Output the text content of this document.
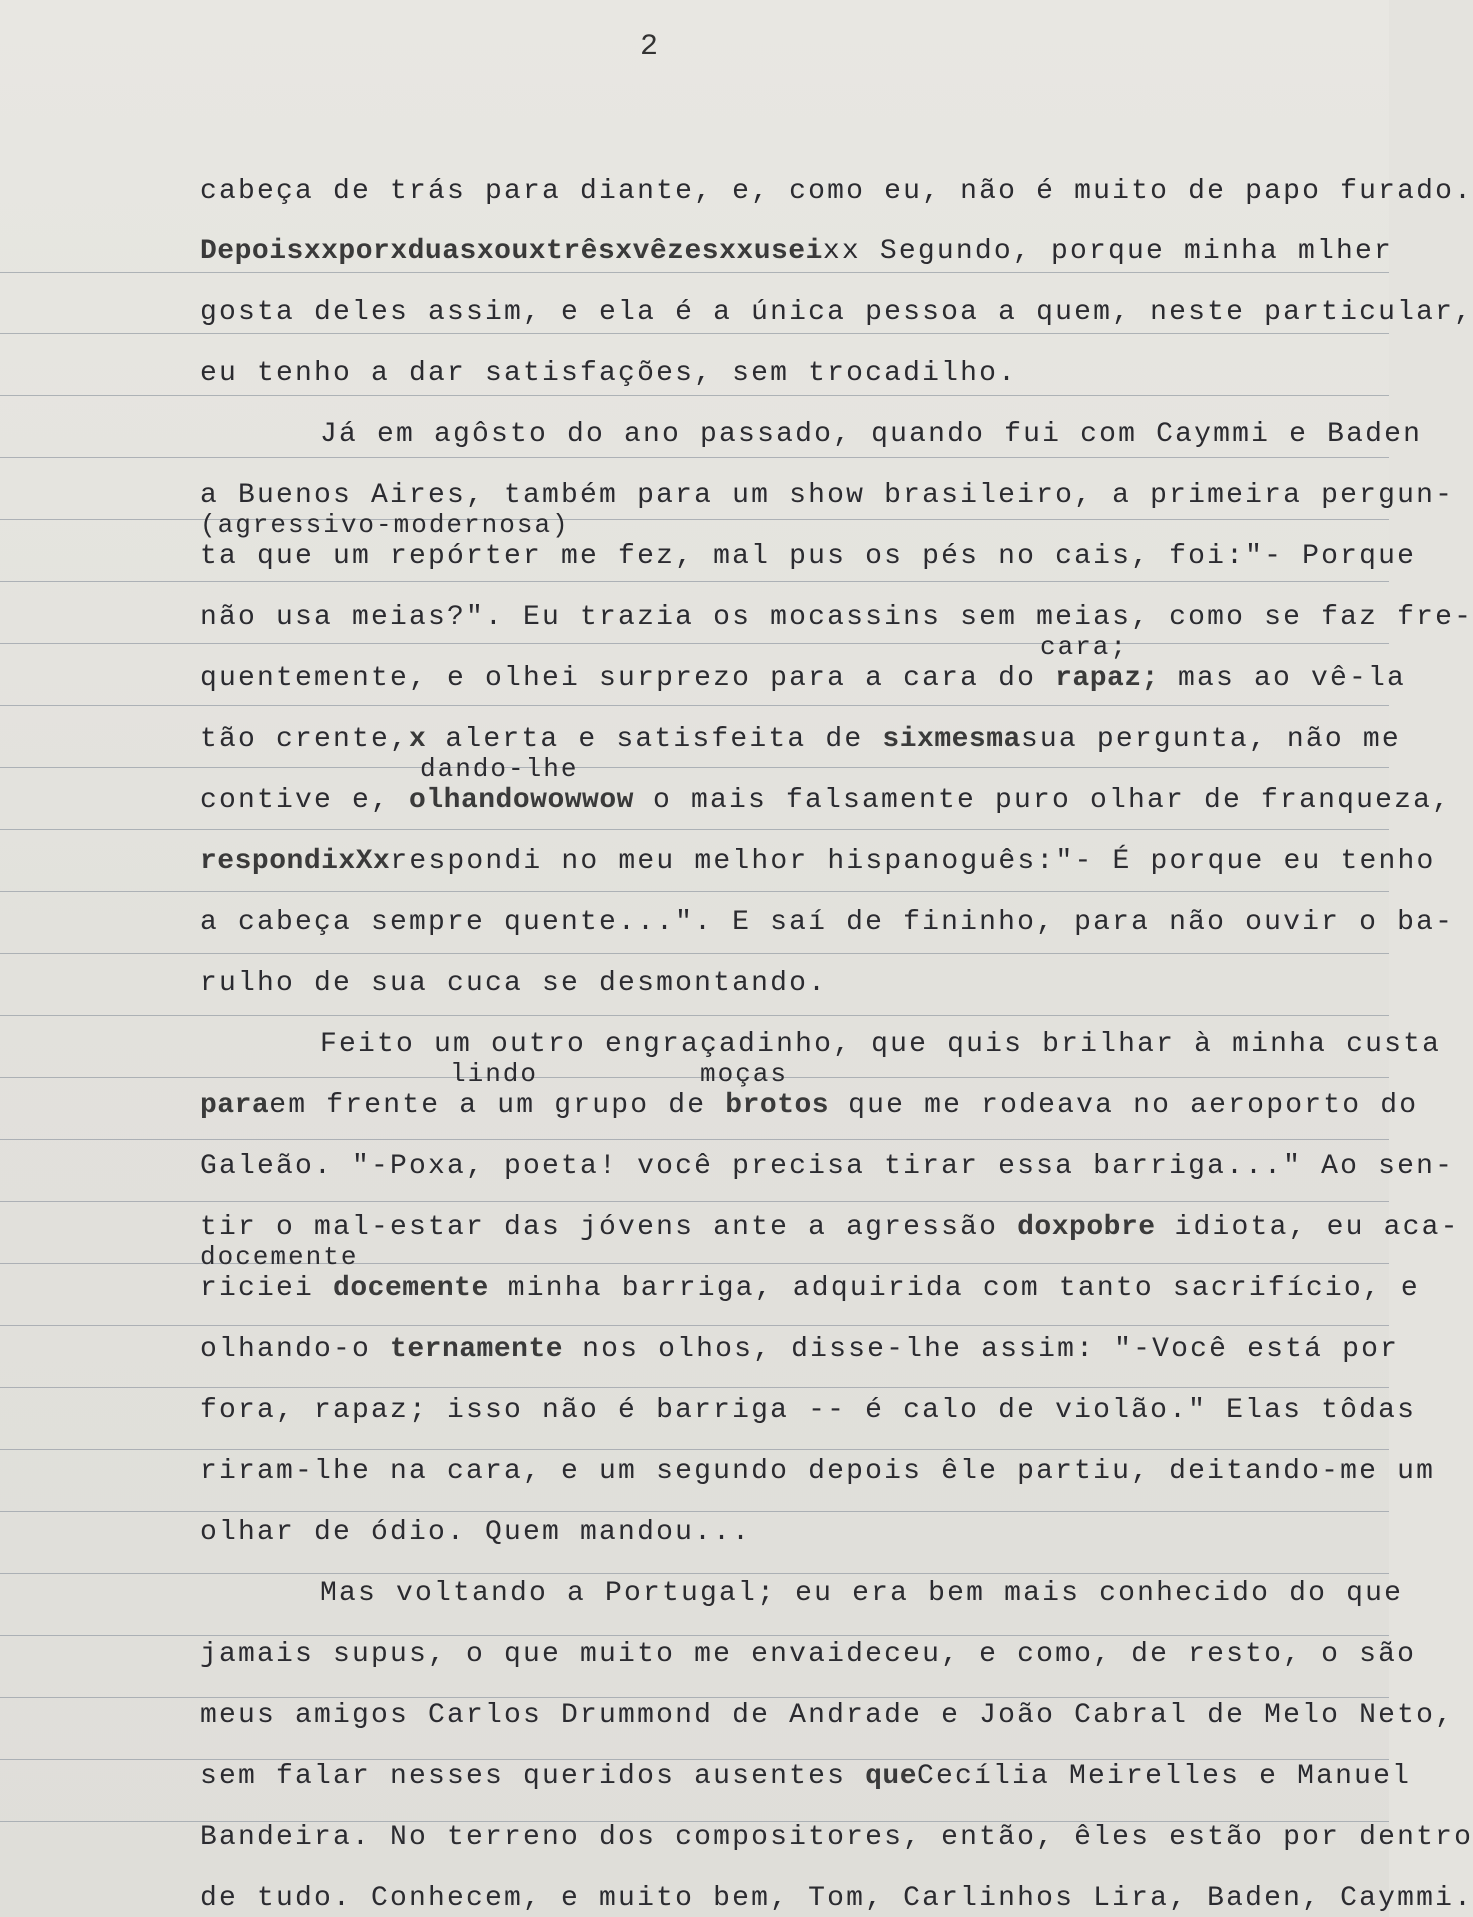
2
cabeça de trás para diante, e, como eu, não é muito de papo furado.
Depoisxxporxduasxouxtrêsxvêzesxxuseixx Segundo, porque minha mlher
gosta deles assim, e ela é a única pessoa a quem, neste particular,
eu tenho a dar satisfações, sem trocadilho.
Já em agôsto do ano passado, quando fui com Caymmi e Baden
a Buenos Aires, também para um show brasileiro, a primeira pergun-
(agressivo-modernosa)
ta que um repórter me fez, mal pus os pés no cais, foi:"- Porque
não usa meias?". Eu trazia os mocassins sem meias, como se faz fre-
cara;
quentemente, e olhei surprezo para a cara do rapaz; mas ao vê-la
tão crente,x alerta e satisfeita de sixmesmasua pergunta, não me
dando-lhe
contive e, olhandowowwow o mais falsamente puro olhar de franqueza,
respondixXxrespondi no meu melhor hispanoguês:"- É porque eu tenho
a cabeça sempre quente...". E saí de fininho, para não ouvir o ba-
rulho de sua cuca se desmontando.
Feito um outro engraçadinho, que quis brilhar à minha custa
lindo	moças
paraem frente a um grupo de brotos que me rodeava no aeroporto do
Galeão. "-Poxa, poeta! você precisa tirar essa barriga..." Ao sen-
tir o mal-estar das jóvens ante a agressão doxpobre idiota, eu aca-
docemente
riciei docemente minha barriga, adquirida com tanto sacrifício, e
olhando-o ternamente nos olhos, disse-lhe assim: "-Você está por
fora, rapaz; isso não é barriga -- é calo de violão." Elas tôdas
riram-lhe na cara, e um segundo depois êle partiu, deitando-me um
olhar de ódio. Quem mandou...
Mas voltando a Portugal; eu era bem mais conhecido do que
jamais supus, o que muito me envaideceu, e como, de resto, o são
meus amigos Carlos Drummond de Andrade e João Cabral de Melo Neto,
sem falar nesses queridos ausentes queCecília Meirelles e Manuel
Bandeira. No terreno dos compositores, então, êles estão por dentro
de tudo. Conhecem, e muito bem, Tom, Carlinhos Lira, Baden, Caymmi.
